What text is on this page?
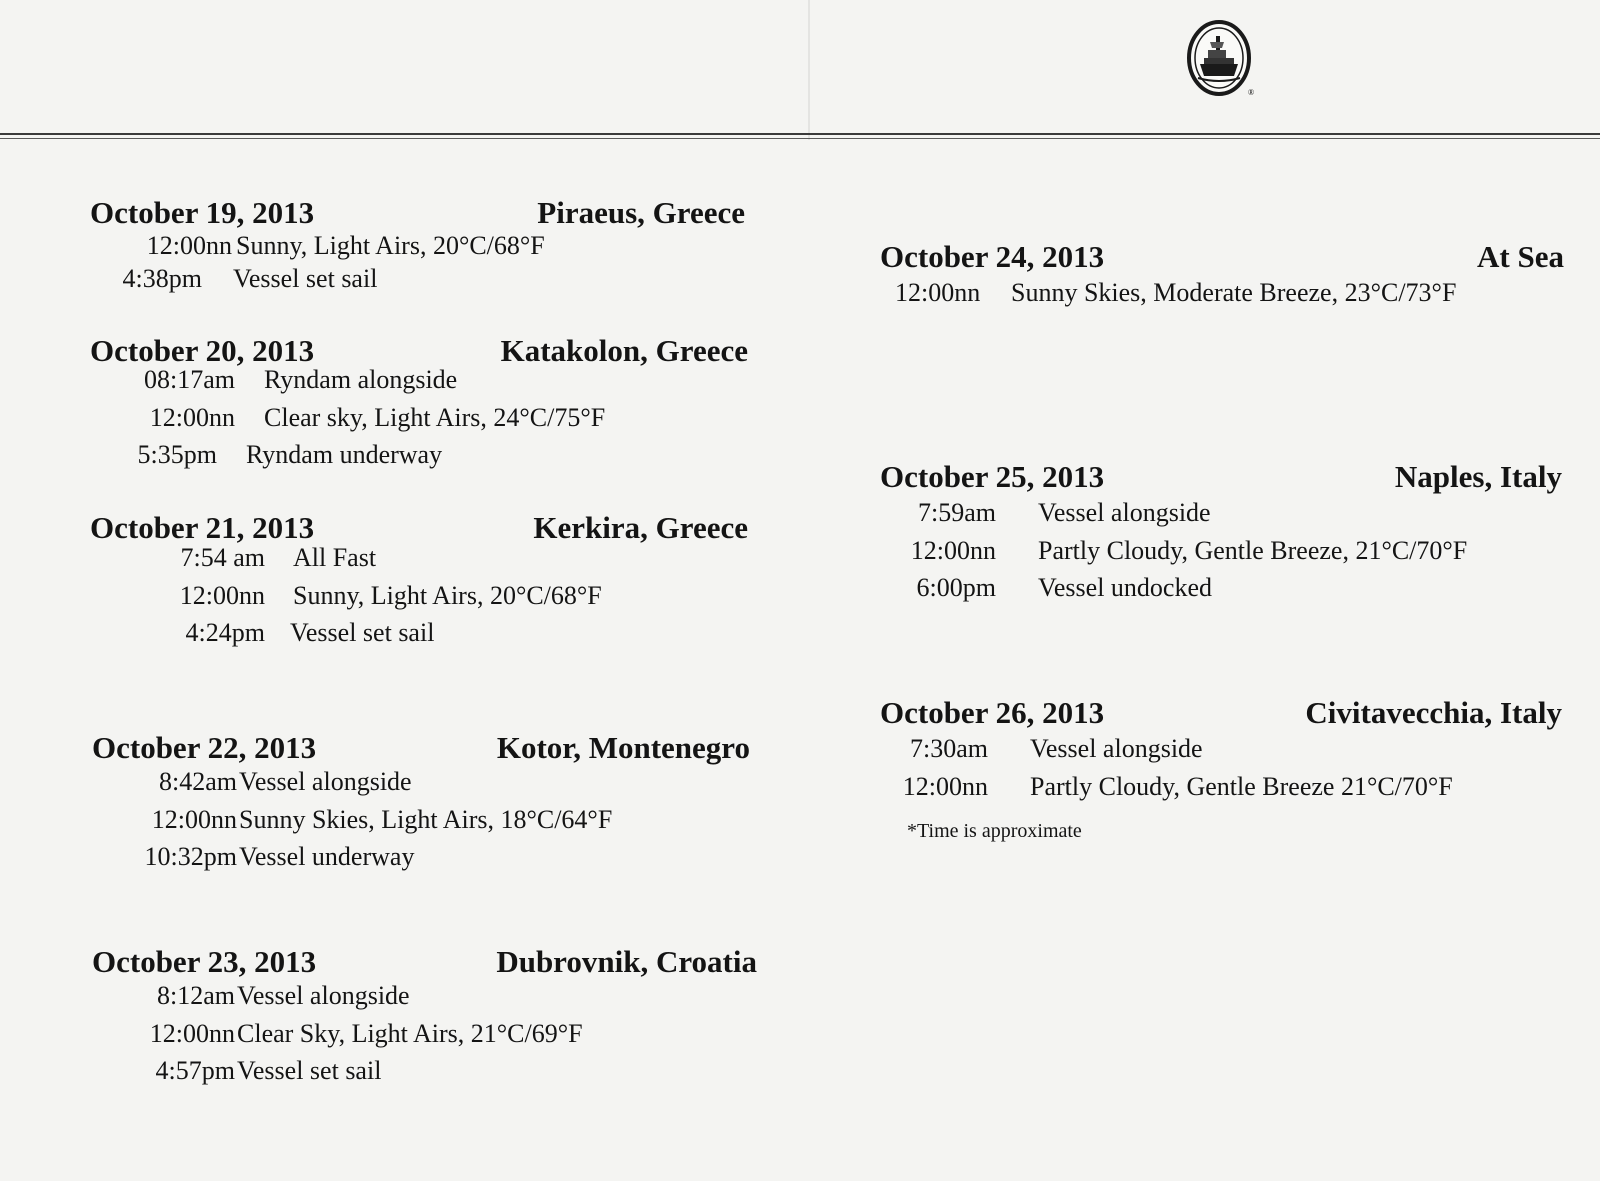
®
October 19, 2013	Piraeus, Greece
12:00nn Sunny, Light Airs, 20°C/68°F
4:38pm Vessel set sail
October 20, 2013	Katakolon, Greece
08:17am Ryndam alongside
12:00nn Clear sky, Light Airs, 24°C/75°F
5:35pm Ryndam underway
October 21, 2013	Kerkira, Greece
7:54 am All Fast
12:00nn Sunny, Light Airs, 20°C/68°F
4:24pm Vessel set sail
October 22, 2013	Kotor, Montenegro
8:42am Vessel alongside
12:00nn Sunny Skies, Light Airs, 18°C/64°F
10:32pm Vessel underway
October 23, 2013	Dubrovnik, Croatia
8:12am Vessel alongside
12:00nn Clear Sky, Light Airs, 21°C/69°F
4:57pm Vessel set sail
October 24, 2013	At Sea
12:00nn Sunny Skies, Moderate Breeze, 23°C/73°F
October 25, 2013	Naples, Italy
7:59am Vessel alongside
12:00nn Partly Cloudy, Gentle Breeze, 21°C/70°F
6:00pm Vessel undocked
October 26, 2013	Civitavecchia, Italy
7:30am Vessel alongside
12:00nn Partly Cloudy, Gentle Breeze 21°C/70°F
*Time is approximate
